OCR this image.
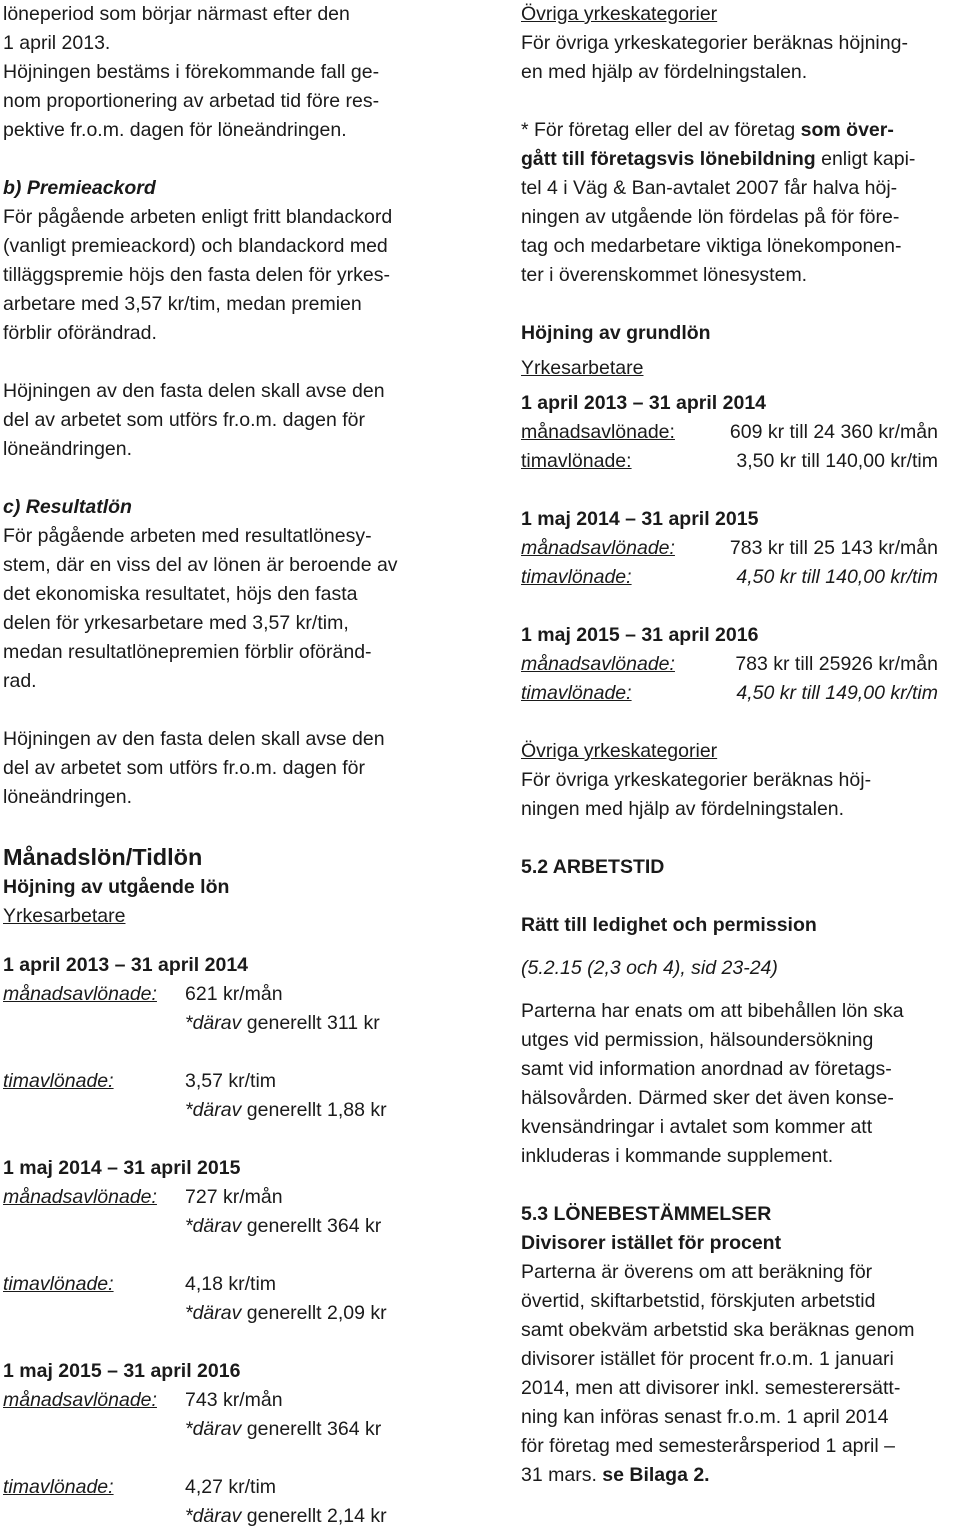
löneperiod som börjar närmast efter den
1 april 2013.
Höjningen bestäms i förekommande fall ge-
nom proportionering av arbetad tid före res-
pektive fr.o.m. dagen för löneändringen.

b) Premieackord

För pågående arbeten enligt fritt blandackord
(vanligt premieackord) och blandackord med
tilläggspremie höjs den fasta delen för yrkes-
arbetare med 3,57 kr/tim, medan premien
förblir oförändrad.

Höjningen av den fasta delen skall avse den
del av arbetet som utförs fr.o.m. dagen för
löneändringen.

c) Resultatlön

För pågående arbeten med resultatlönesy-
stem, där en viss del av lönen är beroende av
det ekonomiska resultatet, höjs den fasta
delen för yrkesarbetare med 3,57 kr/tim,
medan resultatlönepremien förblir oföränd-
rad.

Höjningen av den fasta delen skall avse den
del av arbetet som utförs fr.o.m. dagen för
löneändringen.

Månadslön/Tidlön

Höjning av utgående lön

Yrkesarbetare

1 april 2013 – 31 april 2014

månadsavlönade:	621 kr/mån
*därav generellt 311 kr
timavlönade:	3,57 kr/tim
*därav generellt 1,88 kr

1 maj 2014 – 31 april 2015

månadsavlönade:	727 kr/mån
*därav generellt 364 kr
timavlönade:	4,18 kr/tim
*därav generellt 2,09 kr

1 maj 2015 – 31 april 2016

månadsavlönade:	743 kr/mån
*därav generellt 364 kr
timavlönade:	4,27 kr/tim
*därav generellt 2,14 kr

Övriga yrkeskategorier

För övriga yrkeskategorier beräknas höjning-
en med hjälp av fördelningstalen.

* För företag eller del av företag som över-
gått till företagsvis lönebildning enligt kapi-
tel 4 i Väg & Ban-avtalet 2007 får halva höj-
ningen av utgående lön fördelas på för före-
tag och medarbetare viktiga lönekomponen-
ter i överenskommet lönesystem.

Höjning av grundlön

Yrkesarbetare

1 april 2013 – 31 april 2014

månadsavlönade:	609 kr till 24 360 kr/mån
timavlönade:	3,50 kr till 140,00 kr/tim

1 maj 2014 – 31 april 2015

månadsavlönade:	783 kr till 25 143 kr/mån
timavlönade:	4,50 kr till 140,00 kr/tim

1 maj 2015 – 31 april 2016

månadsavlönade:	783 kr till 25926 kr/mån
timavlönade:	4,50 kr till 149,00 kr/tim

Övriga yrkeskategorier

För övriga yrkeskategorier beräknas höj-
ningen med hjälp av fördelningstalen.

5.2 ARBETSTID

Rätt till ledighet och permission

(5.2.15 (2,3 och 4), sid 23-24)

Parterna har enats om att bibehållen lön ska
utges vid permission, hälsoundersökning
samt vid information anordnad av företags-
hälsovården. Därmed sker det även konse-
kvensändringar i avtalet som kommer att
inkluderas i kommande supplement.

5.3 LÖNEBESTÄMMELSER

Divisorer istället för procent

Parterna är överens om att beräkning för
övertid, skiftarbetstid, förskjuten arbetstid
samt obekväm arbetstid ska beräknas genom
divisorer istället för procent fr.o.m. 1 januari
2014, men att divisorer inkl. semesterersätt-
ning kan införas senast fr.o.m. 1 april 2014
för företag med semesterårsperiod 1 april –
31 mars. se Bilaga 2.
